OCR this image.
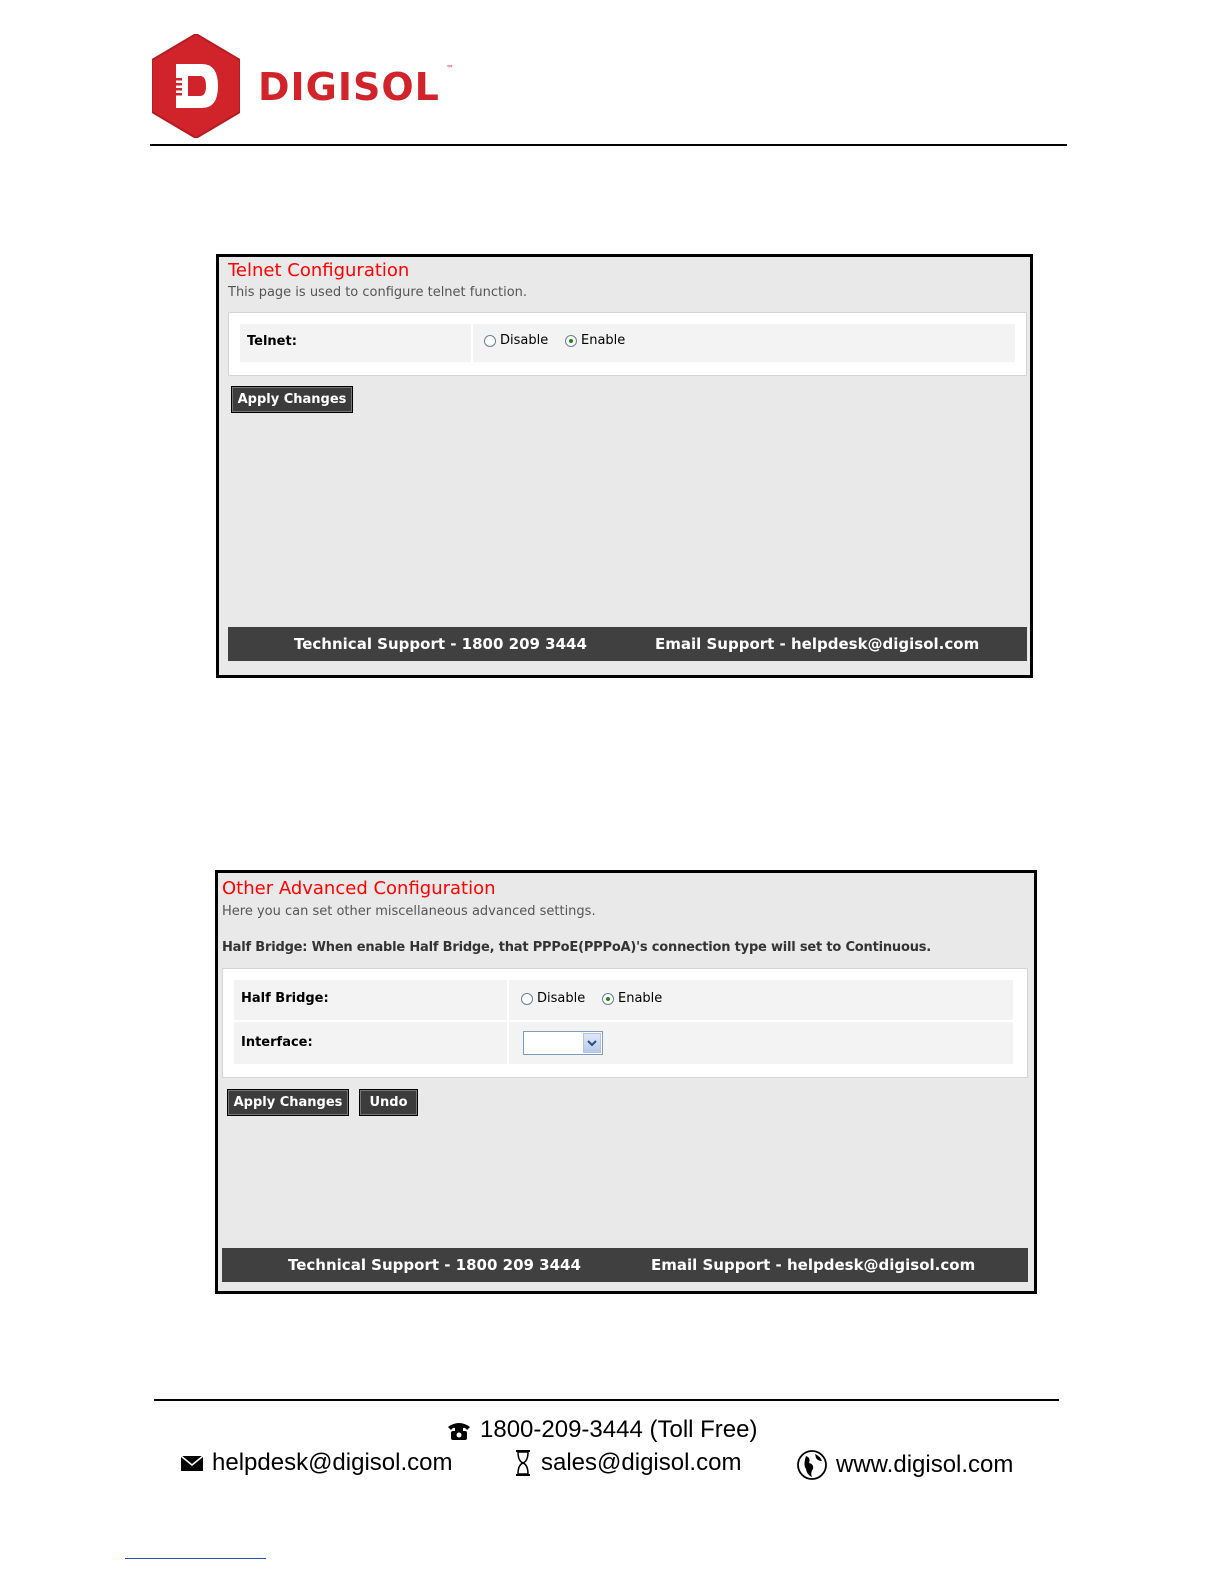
DIGISOL ™
Telnet Configuration
This page is used to configure telnet function.
Telnet:	Disable	Enable
Apply Changes
Technical Support - 1800 209 3444	Email Support - helpdesk@digisol.com
Other Advanced Configuration
Here you can set other miscellaneous advanced settings.
Half Bridge: When enable Half Bridge, that PPPoE(PPPoA)'s connection type will set to Continuous.
Half Bridge:	Disable	Enable
Interface:
Apply Changes	Undo
Technical Support - 1800 209 3444	Email Support - helpdesk@digisol.com
1800-209-3444 (Toll Free)
helpdesk@digisol.com	sales@digisol.com	www.digisol.com
